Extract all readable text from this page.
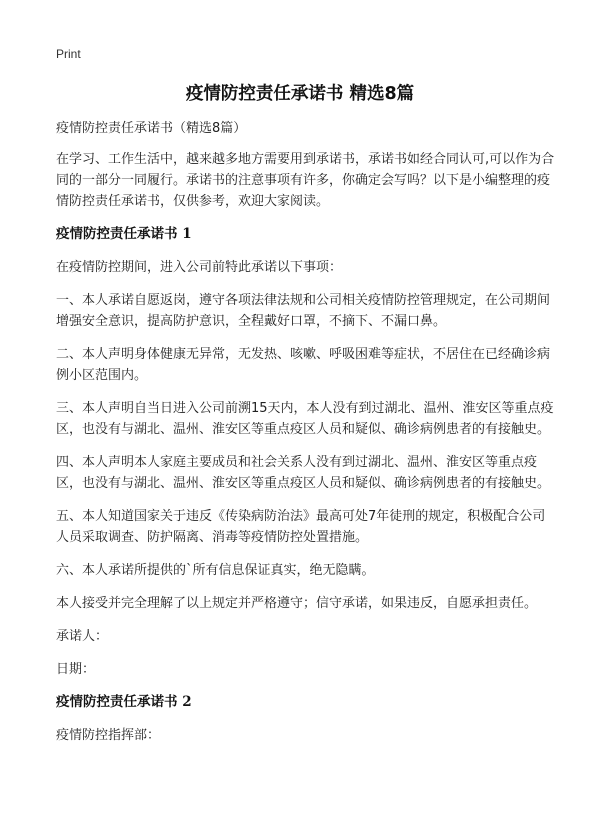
Print
疫情防控责任承诺书 精选8篇

疫情防控责任承诺书（精选8篇）

在学习、工作生活中，越来越多地方需要用到承诺书，承诺书如经合同认可,可以作为合同的一部分一同履行。承诺书的注意事项有许多，你确定会写吗？以下是小编整理的疫情防控责任承诺书，仅供参考，欢迎大家阅读。

疫情防控责任承诺书 1

在疫情防控期间，进入公司前特此承诺以下事项：

一、本人承诺自愿返岗，遵守各项法律法规和公司相关疫情防控管理规定，在公司期间增强安全意识，提高防护意识，全程戴好口罩，不摘下、不漏口鼻。

二、本人声明身体健康无异常，无发热、咳嗽、呼吸困难等症状，不居住在已经确诊病例小区范围内。

三、本人声明自当日进入公司前溯15天内，本人没有到过湖北、温州、淮安区等重点疫区，也没有与湖北、温州、淮安区等重点疫区人员和疑似、确诊病例患者的有接触史。

四、本人声明本人家庭主要成员和社会关系人没有到过湖北、温州、淮安区等重点疫区，也没有与湖北、温州、淮安区等重点疫区人员和疑似、确诊病例患者的有接触史。

五、本人知道国家关于违反《传染病防治法》最高可处7年徒刑的规定，积极配合公司人员采取调查、防护隔离、消毒等疫情防控处置措施。

六、本人承诺所提供的`所有信息保证真实，绝无隐瞒。

本人接受并完全理解了以上规定并严格遵守；信守承诺，如果违反，自愿承担责任。

承诺人：

日期：

疫情防控责任承诺书 2

疫情防控指挥部：
